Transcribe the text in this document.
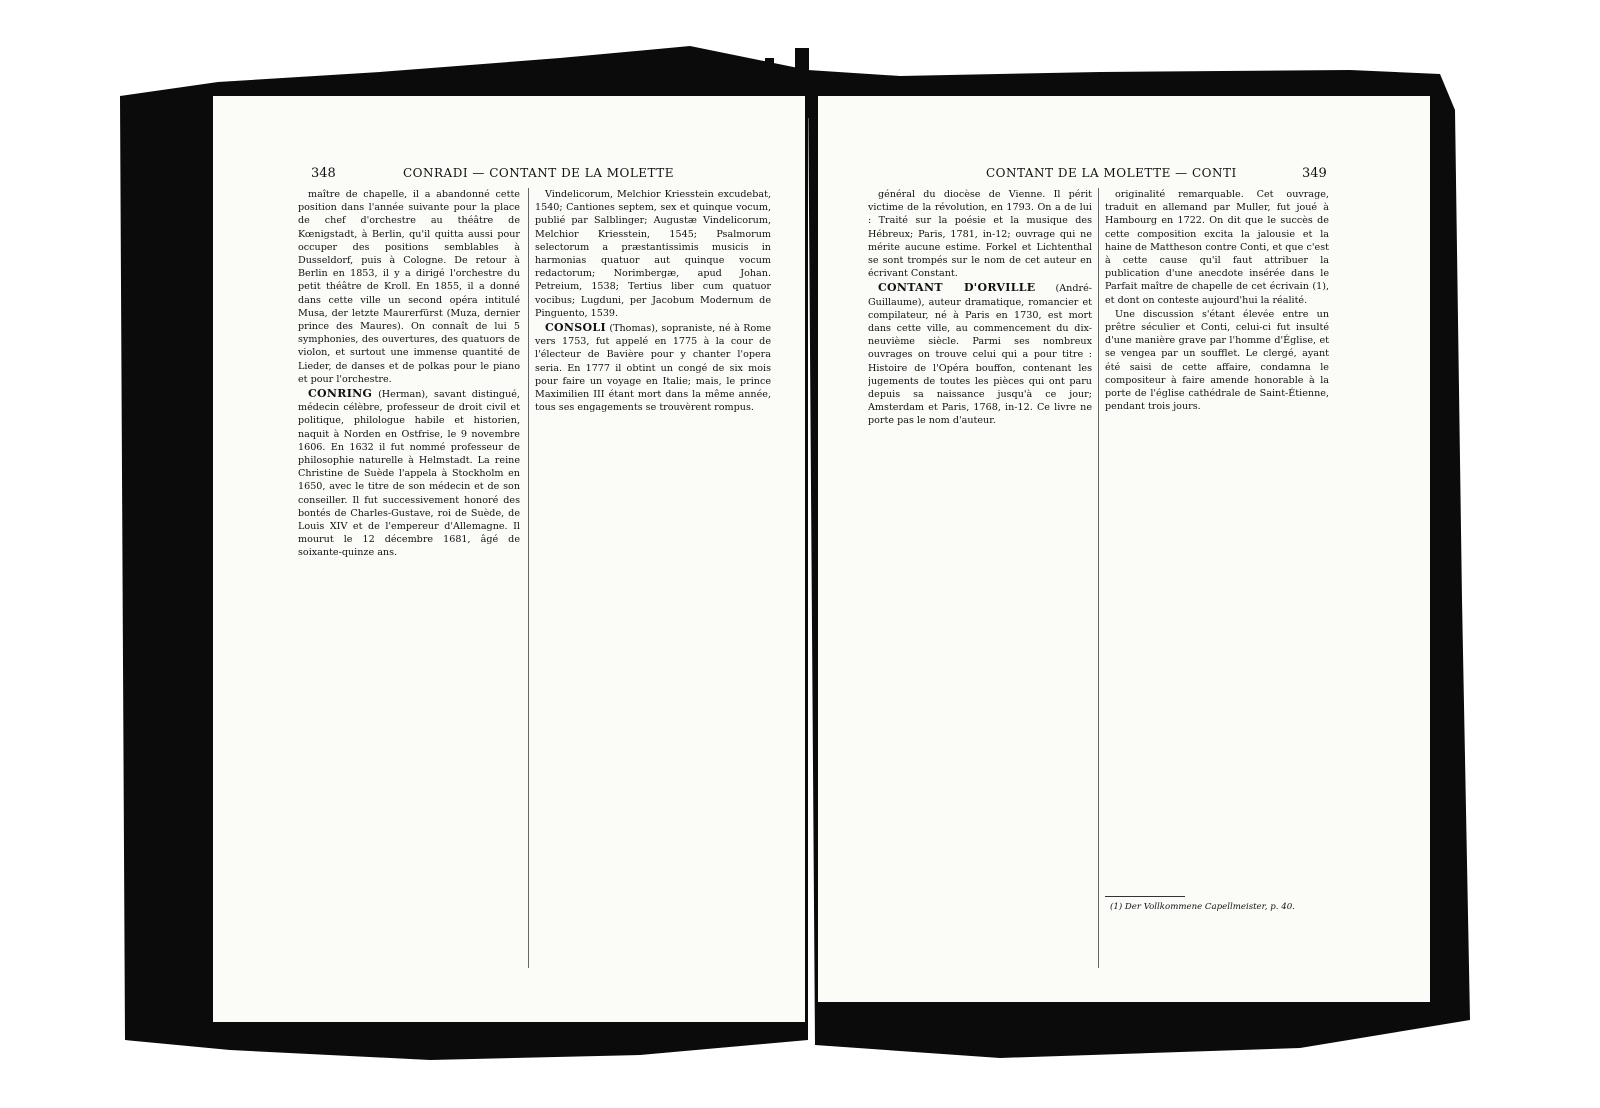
348	CONRADI — CONTANT DE LA MOLETTE

maître de chapelle, il a abandonné cette position dans l'année suivante pour la place de chef d'orchestre au théâtre de Kœnigstadt, à Berlin, qu'il quitta aussi pour occuper des positions semblables à Dusseldorf, puis à Cologne. De retour à Berlin en 1853, il y a dirigé l'orchestre du petit théâtre de Kroll. En 1855, il a donné dans cette ville un second opéra intitulé Musa, der letzte Maurerfürst (Muza, dernier prince des Maures). On connaît de lui 5 symphonies, des ouvertures, des quatuors de violon, et surtout une immense quantité de Lieder, de danses et de polkas pour le piano et pour l'orchestre.

CONRING (Herman), savant distingué, médecin célèbre, professeur de droit civil et politique, philologue habile et historien, naquit à Norden en Ostfrise, le 9 novembre 1606. En 1632 il fut nommé professeur de philosophie naturelle à Helmstadt. La reine Christine de Suède l'appela à Stockholm en 1650, avec le titre de son médecin et de son conseiller. Il fut successivement honoré des bontés de Charles-Gustave, roi de Suède, de Louis XIV et de l'empereur d'Allemagne. Il mourut le 12 décembre 1681, âgé de soixante-quinze ans.

Vindelicorum, Melchior Kriesstein excudebat, 1540; Cantiones septem, sex et quinque vocum, publié par Salblinger; Augustæ Vindelicorum, Melchior Kriesstein, 1545; Psalmorum selectorum a præstantissimis musicis in harmonias quatuor aut quinque vocum redactorum; Norimbergæ, apud Johan. Petreium, 1538; Tertius liber cum quatuor vocibus; Lugduni, per Jacobum Modernum de Pinguento, 1539.

CONSOLI (Thomas), sopraniste, né à Rome vers 1753, fut appelé en 1775 à la cour de l'électeur de Bavière pour y chanter l'opera seria. En 1777 il obtint un congé de six mois pour faire un voyage en Italie; mais, le prince Maximilien III étant mort dans la même année, tous ses engagements se trouvèrent rompus.

CONTANT DE LA MOLETTE — CONTI	349

général du diocèse de Vienne. Il périt victime de la révolution, en 1793. On a de lui : Traité sur la poésie et la musique des Hébreux; Paris, 1781, in-12; ouvrage qui ne mérite aucune estime. Forkel et Lichtenthal se sont trompés sur le nom de cet auteur en écrivant Constant.

CONTANT D'ORVILLE (André-Guillaume), auteur dramatique, romancier et compilateur, né à Paris en 1730, est mort dans cette ville, au commencement du dix-neuvième siècle. Parmi ses nombreux ouvrages on trouve celui qui a pour titre : Histoire de l'Opéra bouffon, contenant les jugements de toutes les pièces qui ont paru depuis sa naissance jusqu'à ce jour; Amsterdam et Paris, 1768, in-12. Ce livre ne porte pas le nom d'auteur.

originalité remarquable. Cet ouvrage, traduit en allemand par Muller, fut joué à Hambourg en 1722. On dit que le succès de cette composition excita la jalousie et la haine de Mattheson contre Conti, et que c'est à cette cause qu'il faut attribuer la publication d'une anecdote insérée dans le Parfait maître de chapelle de cet écrivain (1), et dont on conteste aujourd'hui la réalité.

Une discussion s'étant élevée entre un prêtre séculier et Conti, celui-ci fut insulté d'une manière grave par l'homme d'Église, et se vengea par un soufflet. Le clergé, ayant été saisi de cette affaire, condamna le compositeur à faire amende honorable à la porte de l'église cathédrale de Saint-Étienne, pendant trois jours.

(1) Der Vollkommene Capellmeister, p. 40.
